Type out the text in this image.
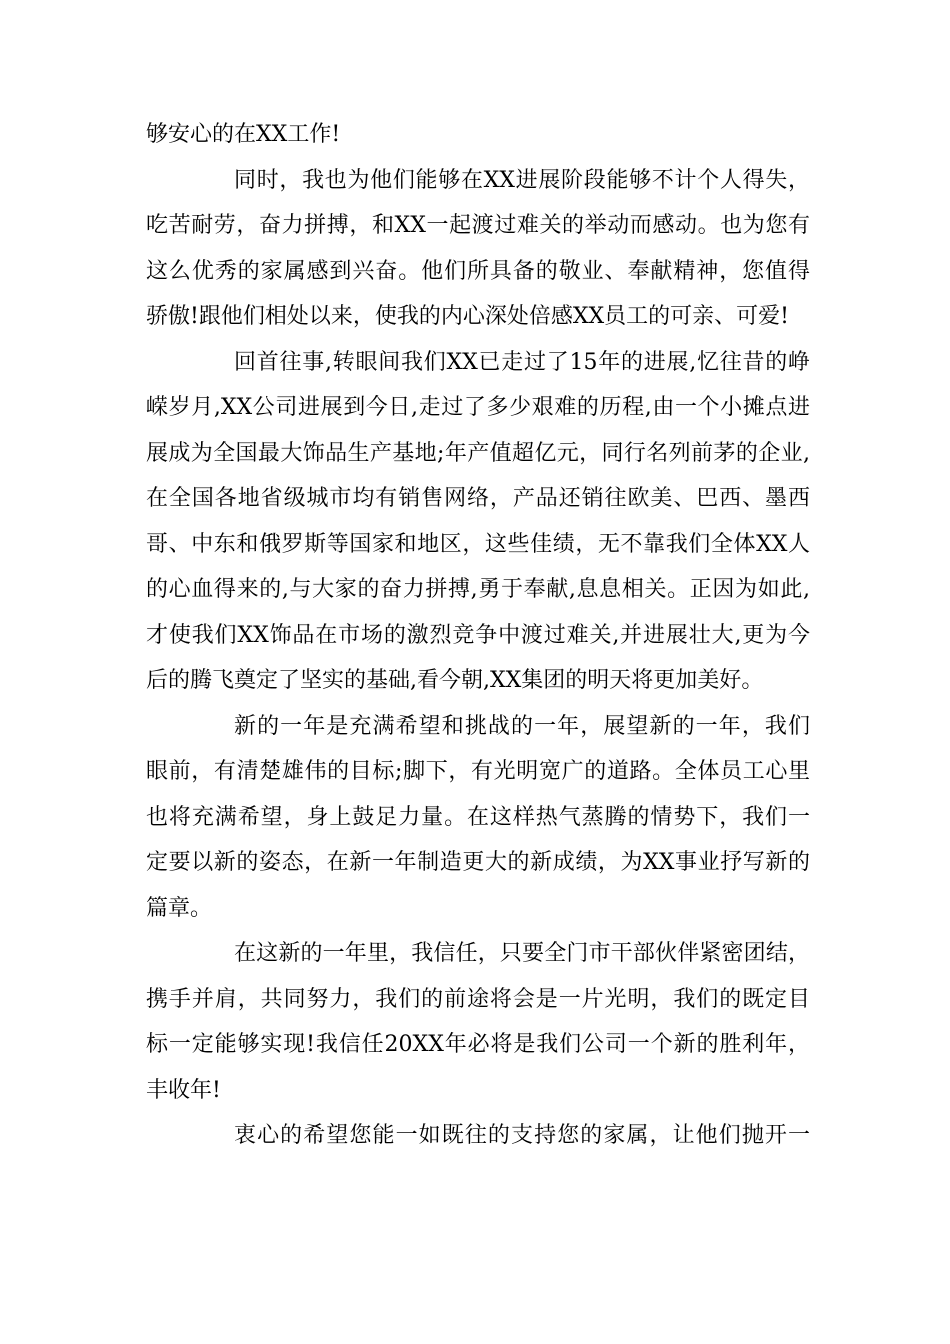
够安心的在XX工作!
同时，我也为他们能够在XX进展阶段能够不计个人得失，
吃苦耐劳，奋力拼搏，和XX一起渡过难关的举动而感动。也为您有
这么优秀的家属感到兴奋。他们所具备的敬业、奉献精神，您值得
骄傲!跟他们相处以来，使我的内心深处倍感XX员工的可亲、可爱!
回首往事,转眼间我们XX已走过了15年的进展,忆往昔的峥
嵘岁月,XX公司进展到今日,走过了多少艰难的历程,由一个小摊点进
展成为全国最大饰品生产基地;年产值超亿元，同行名列前茅的企业,
在全国各地省级城市均有销售网络，产品还销往欧美、巴西、墨西
哥、中东和俄罗斯等国家和地区，这些佳绩，无不靠我们全体XX人
的心血得来的,与大家的奋力拼搏,勇于奉献,息息相关。正因为如此,
才使我们XX饰品在市场的激烈竞争中渡过难关,并进展壮大,更为今
后的腾飞奠定了坚实的基础,看今朝,XX集团的明天将更加美好。
新的一年是充满希望和挑战的一年，展望新的一年，我们
眼前，有清楚雄伟的目标;脚下，有光明宽广的道路。全体员工心里
也将充满希望，身上鼓足力量。在这样热气蒸腾的情势下，我们一
定要以新的姿态，在新一年制造更大的新成绩，为XX事业抒写新的
篇章。
在这新的一年里，我信任，只要全门市干部伙伴紧密团结，
携手并肩，共同努力，我们的前途将会是一片光明，我们的既定目
标一定能够实现!我信任20XX年必将是我们公司一个新的胜利年，
丰收年!
衷心的希望您能一如既往的支持您的家属，让他们抛开一
